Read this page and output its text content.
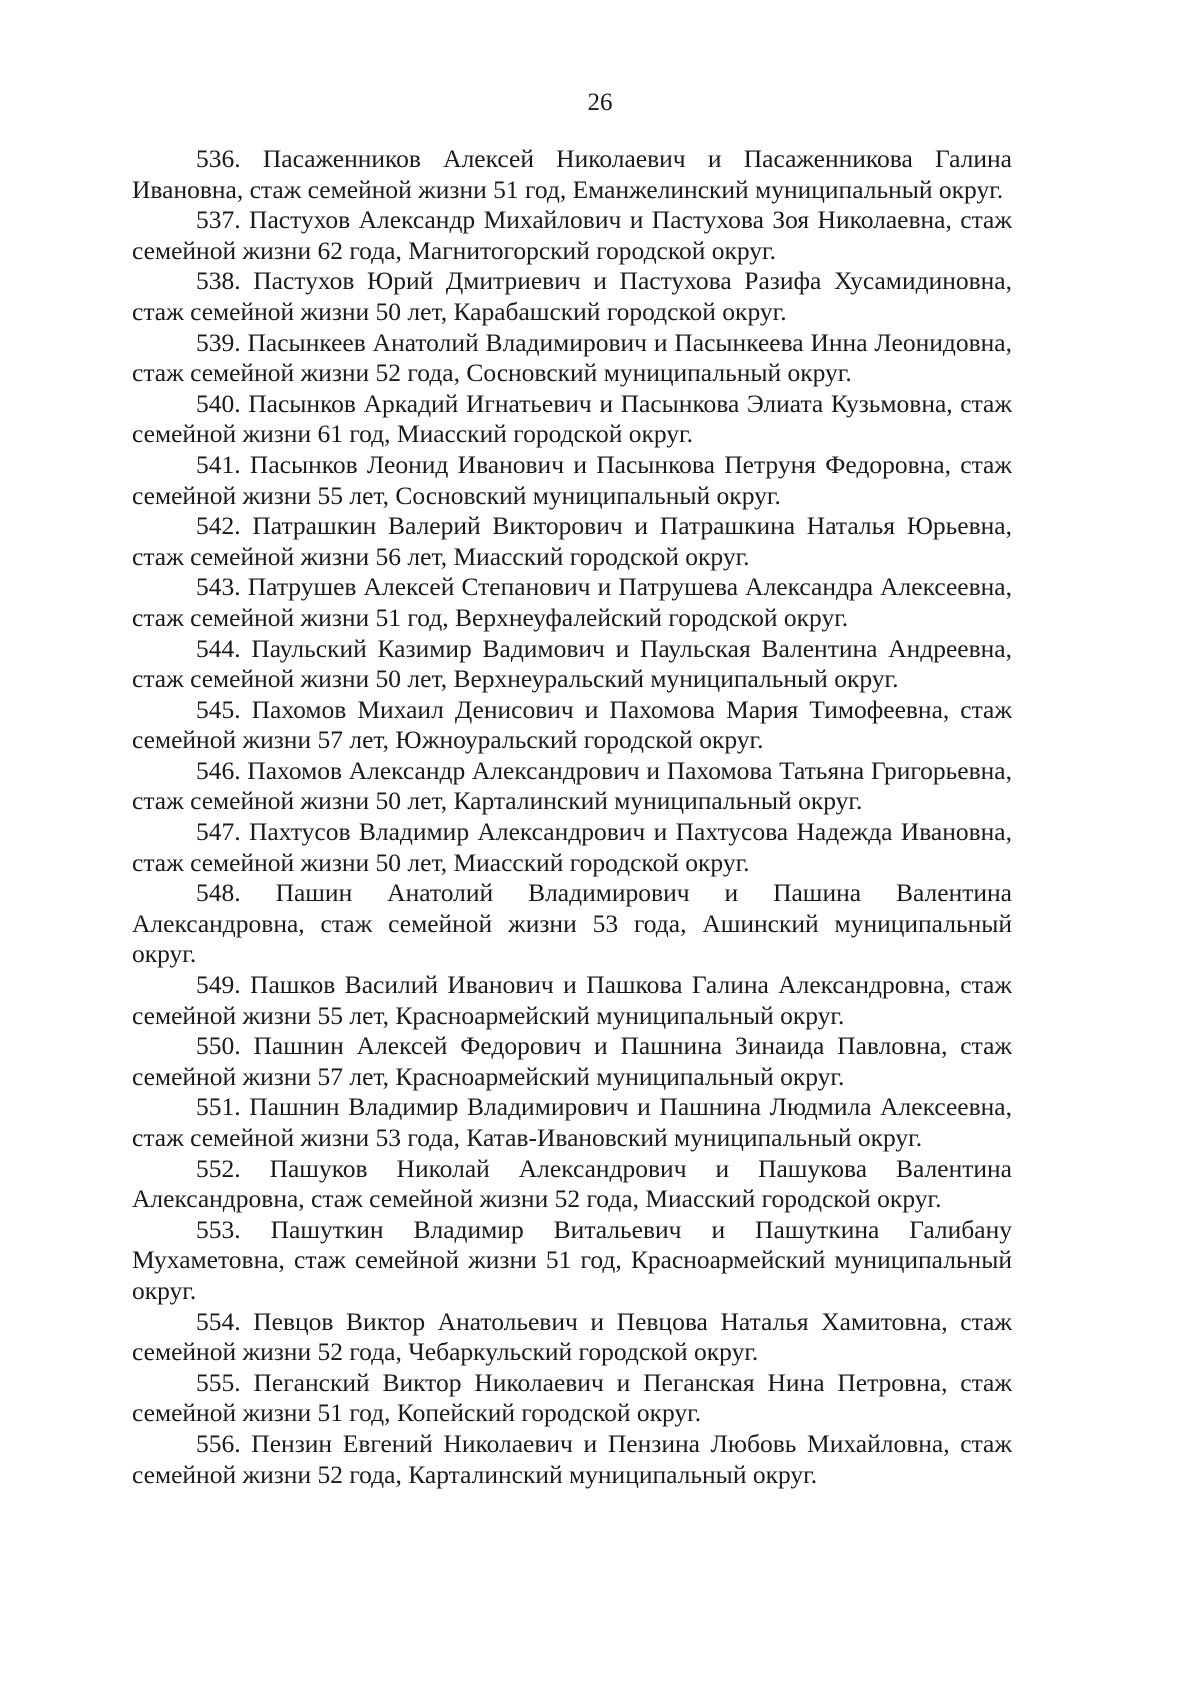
26

536. Пасаженников Алексей Николаевич и Пасаженникова Галина Ивановна, стаж семейной жизни 51 год, Еманжелинский муниципальный округ.

537. Пастухов Александр Михайлович и Пастухова Зоя Николаевна, стаж семейной жизни 62 года, Магнитогорский городской округ.

538. Пастухов Юрий Дмитриевич и Пастухова Разифа Хусамидиновна, стаж семейной жизни 50 лет, Карабашский городской округ.

539. Пасынкеев Анатолий Владимирович и Пасынкеева Инна Леонидовна, стаж семейной жизни 52 года, Сосновский муниципальный округ.

540. Пасынков Аркадий Игнатьевич и Пасынкова Элиата Кузьмовна, стаж семейной жизни 61 год, Миасский городской округ.

541. Пасынков Леонид Иванович и Пасынкова Петруня Федоровна, стаж семейной жизни 55 лет, Сосновский муниципальный округ.

542. Патрашкин Валерий Викторович и Патрашкина Наталья Юрьевна, стаж семейной жизни 56 лет, Миасский городской округ.

543. Патрушев Алексей Степанович и Патрушева Александра Алексеевна, стаж семейной жизни 51 год, Верхнеуфалейский городской округ.

544. Паульский Казимир Вадимович и Паульская Валентина Андреевна, стаж семейной жизни 50 лет, Верхнеуральский муниципальный округ.

545. Пахомов Михаил Денисович и Пахомова Мария Тимофеевна, стаж семейной жизни 57 лет, Южноуральский городской округ.

546. Пахомов Александр Александрович и Пахомова Татьяна Григорьевна, стаж семейной жизни 50 лет, Карталинский муниципальный округ.

547. Пахтусов Владимир Александрович и Пахтусова Надежда Ивановна, стаж семейной жизни 50 лет, Миасский городской округ.

548. Пашин Анатолий Владимирович и Пашина Валентина Александровна, стаж семейной жизни 53 года, Ашинский муниципальный округ.

549. Пашков Василий Иванович и Пашкова Галина Александровна, стаж семейной жизни 55 лет, Красноармейский муниципальный округ.

550. Пашнин Алексей Федорович и Пашнина Зинаида Павловна, стаж семейной жизни 57 лет, Красноармейский муниципальный округ.

551. Пашнин Владимир Владимирович и Пашнина Людмила Алексеевна, стаж семейной жизни 53 года, Катав-Ивановский муниципальный округ.

552. Пашуков Николай Александрович и Пашукова Валентина Александровна, стаж семейной жизни 52 года, Миасский городской округ.

553. Пашуткин Владимир Витальевич и Пашуткина Галибану Мухаметовна, стаж семейной жизни 51 год, Красноармейский муниципальный округ.

554. Певцов Виктор Анатольевич и Певцова Наталья Хамитовна, стаж семейной жизни 52 года, Чебаркульский городской округ.

555. Пеганский Виктор Николаевич и Пеганская Нина Петровна, стаж семейной жизни 51 год, Копейский городской округ.

556. Пензин Евгений Николаевич и Пензина Любовь Михайловна, стаж семейной жизни 52 года, Карталинский муниципальный округ.
